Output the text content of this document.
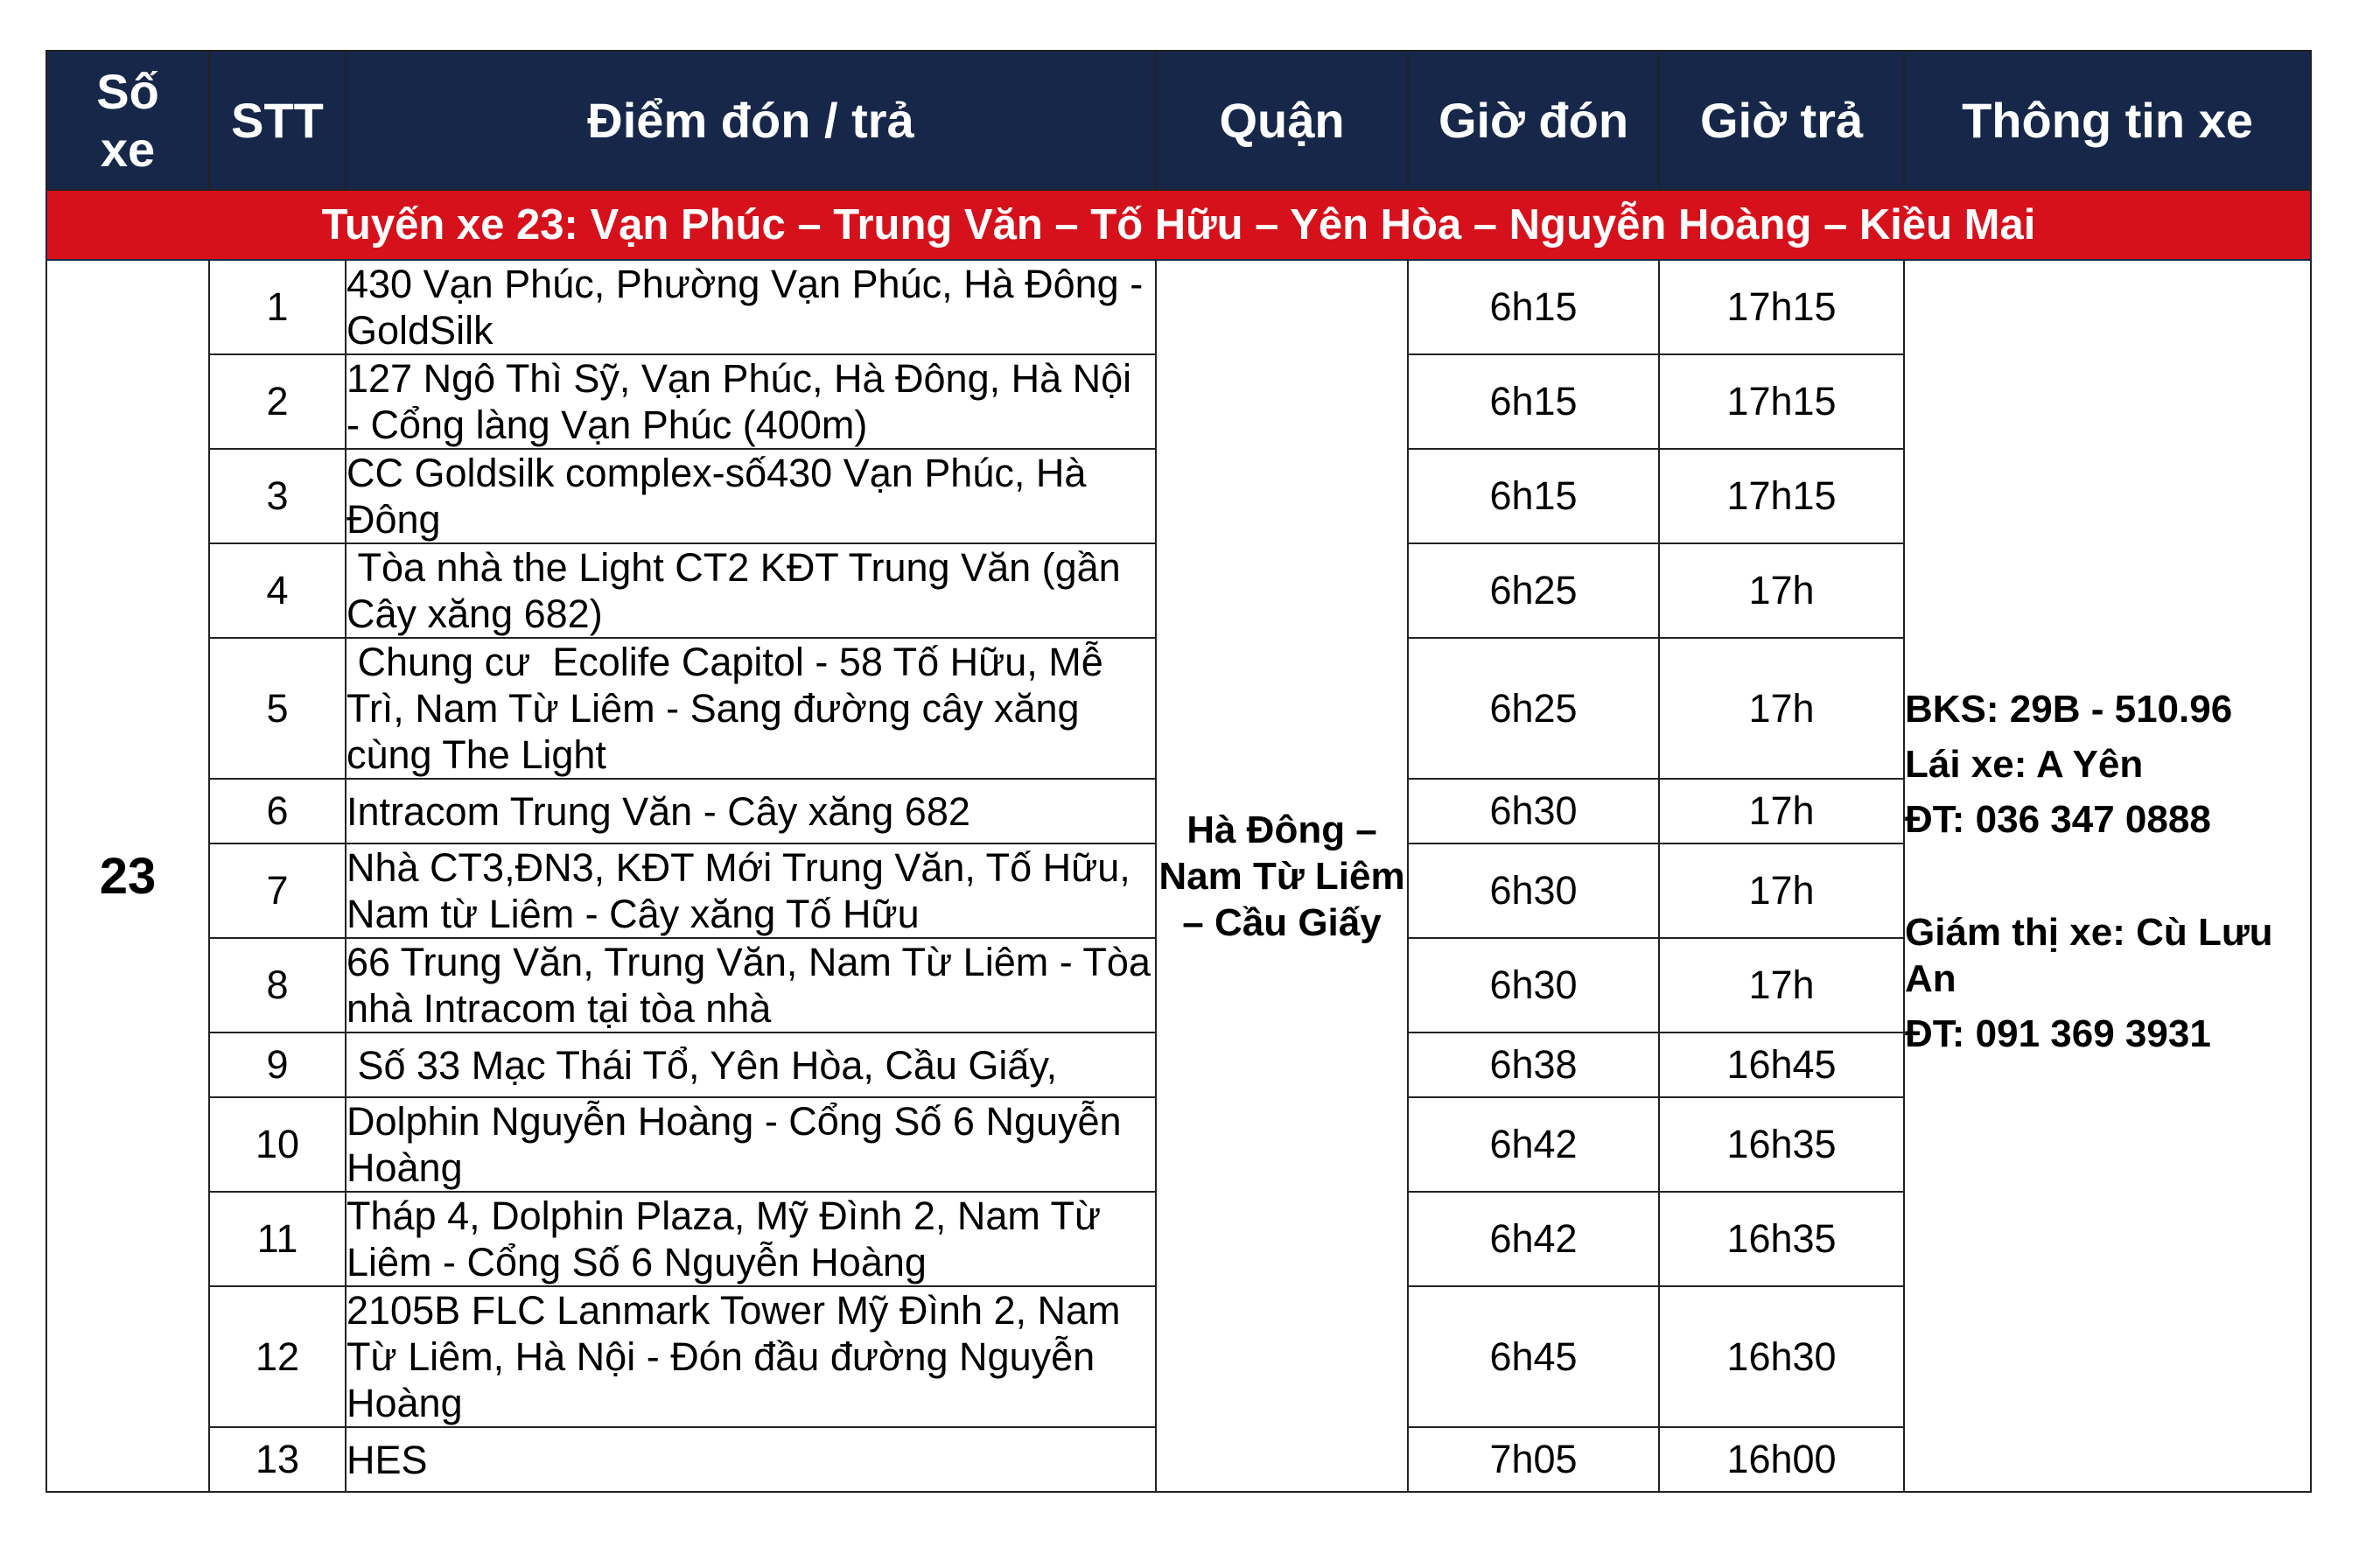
Số
xe	STT	Điểm đón / trả	Quận	Giờ đón	Giờ trả	Thông tin xe
Tuyến xe 23: Vạn Phúc – Trung Văn – Tố Hữu – Yên Hòa – Nguyễn Hoàng – Kiều Mai						
23	1	430 Vạn Phúc, Phường Vạn Phúc, Hà Đông - GoldSilk	Hà Đông – Nam Từ Liêm – Cầu Giấy	6h15	17h15	BKS: 29B - 510.96
Lái xe: A Yên
ĐT: 036 347 0888
Giám thị xe: Cù Lưu An
ĐT: 091 369 3931

	2	127 Ngô Thì Sỹ, Vạn Phúc, Hà Đông, Hà Nội - Cổng làng Vạn Phúc (400m)		6h15	17h15	
	3	CC Goldsilk complex-số430 Vạn Phúc, Hà Đông		6h15	17h15	
	4	Tòa nhà the Light CT2 KĐT Trung Văn (gần Cây xăng 682)		6h25	17h	
	5	Chung cư  Ecolife Capitol - 58 Tố Hữu, Mễ Trì, Nam Từ Liêm - Sang đường cây xăng cùng The Light		6h25	17h	
	6	Intracom Trung Văn - Cây xăng 682		6h30	17h	
	7	Nhà CT3,ĐN3, KĐT Mới Trung Văn, Tố Hữu, Nam từ Liêm - Cây xăng Tố Hữu		6h30	17h	
	8	66 Trung Văn, Trung Văn, Nam Từ Liêm - Tòa nhà Intracom tại tòa nhà		6h30	17h	
	9	Số 33 Mạc Thái Tổ, Yên Hòa, Cầu Giấy,		6h38	16h45	
	10	Dolphin Nguyễn Hoàng - Cổng Số 6 Nguyễn Hoàng		6h42	16h35	
	11	Tháp 4, Dolphin Plaza, Mỹ Đình 2, Nam Từ Liêm - Cổng Số 6 Nguyễn Hoàng		6h42	16h35	
	12	2105B FLC Lanmark Tower Mỹ Đình 2, Nam Từ Liêm, Hà Nội - Đón đầu đường Nguyễn Hoàng		6h45	16h30	
	13	HES		7h05	16h00	
